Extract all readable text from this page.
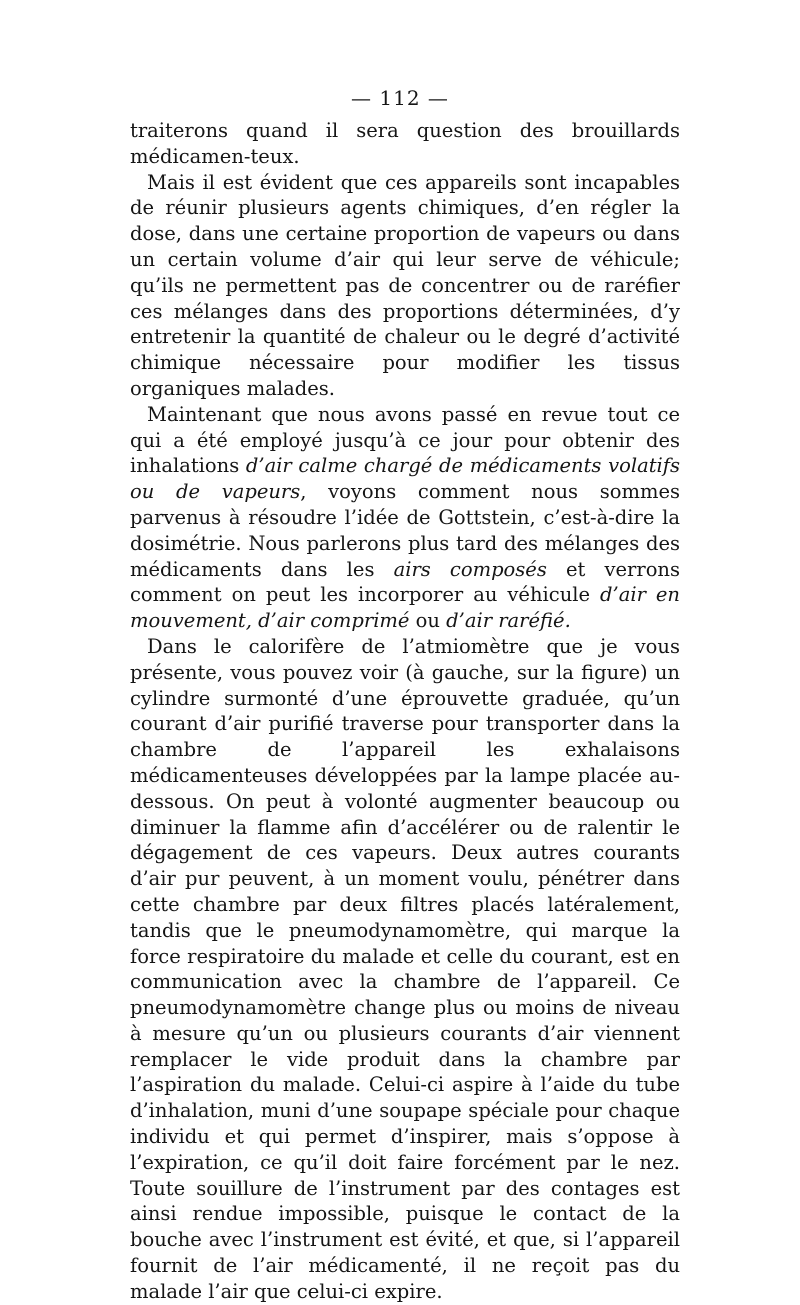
— 112 —

traiterons quand il sera question des brouillards médicamen-teux.

Mais il est évident que ces appareils sont incapables de réunir plusieurs agents chimiques, d’en régler la dose, dans une certaine proportion de vapeurs ou dans un certain volume d’air qui leur serve de véhicule; qu’ils ne permettent pas de concentrer ou de raréfier ces mélanges dans des proportions déterminées, d’y entretenir la quantité de chaleur ou le degré d’activité chimique nécessaire pour modifier les tissus organiques malades.

Maintenant que nous avons passé en revue tout ce qui a été employé jusqu’à ce jour pour obtenir des inhalations d’air calme chargé de médicaments volatifs ou de vapeurs, voyons comment nous sommes parvenus à résoudre l’idée de Gottstein, c’est-à-dire la dosimétrie. Nous parlerons plus tard des mélanges des médicaments dans les airs composés et verrons comment on peut les incorporer au véhicule d’air en mouvement, d’air comprimé ou d’air raréfié.

Dans le calorifère de l’atmiomètre que je vous présente, vous pouvez voir (à gauche, sur la figure) un cylindre surmonté d’une éprouvette graduée, qu’un courant d’air purifié traverse pour transporter dans la chambre de l’appareil les exhalaisons médicamenteuses développées par la lampe placée au-dessous. On peut à volonté augmenter beaucoup ou diminuer la flamme afin d’accélérer ou de ralentir le dégagement de ces vapeurs. Deux autres courants d’air pur peuvent, à un moment voulu, pénétrer dans cette chambre par deux filtres placés latéralement, tandis que le pneumodynamomètre, qui marque la force respiratoire du malade et celle du courant, est en communication avec la chambre de l’appareil. Ce pneumodynamomètre change plus ou moins de niveau à mesure qu’un ou plusieurs courants d’air viennent remplacer le vide produit dans la chambre par l’aspiration du malade. Celui-ci aspire à l’aide du tube d’inhalation, muni d’une soupape spéciale pour chaque individu et qui permet d’inspirer, mais s’oppose à l’expiration, ce qu’il doit faire forcément par le nez. Toute souillure de l’instrument par des contages est ainsi rendue impossible, puisque le contact de la bouche avec l’instrument est évité, et que, si l’appareil fournit de l’air médicamenté, il ne reçoit pas du malade l’air que celui-ci expire.
